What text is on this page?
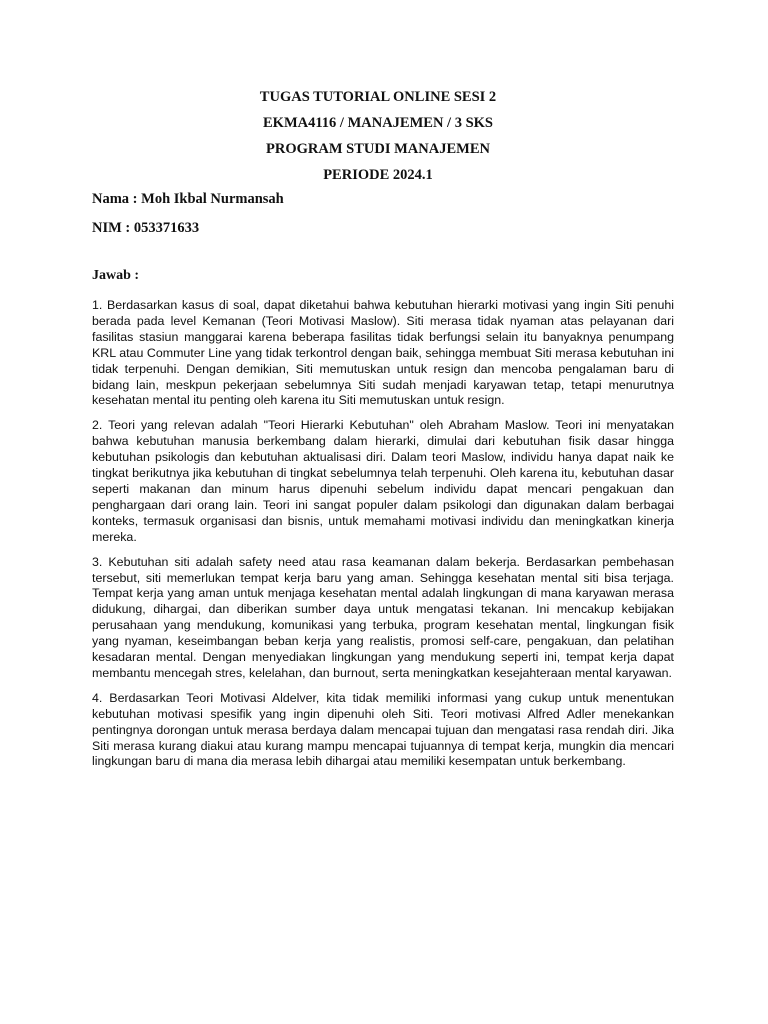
TUGAS TUTORIAL ONLINE SESI 2
EKMA4116 / MANAJEMEN / 3 SKS
PROGRAM STUDI MANAJEMEN
PERIODE 2024.1
Nama : Moh Ikbal Nurmansah
NIM : 053371633
Jawab :

1. Berdasarkan kasus di soal, dapat diketahui bahwa kebutuhan hierarki motivasi yang ingin Siti penuhi berada pada level Kemanan (Teori Motivasi Maslow). Siti merasa tidak nyaman atas pelayanan dari fasilitas stasiun manggarai karena beberapa fasilitas tidak berfungsi selain itu banyaknya penumpang KRL atau Commuter Line yang tidak terkontrol dengan baik, sehingga membuat Siti merasa kebutuhan ini tidak terpenuhi. Dengan demikian, Siti memutuskan untuk resign dan mencoba pengalaman baru di bidang lain, meskpun pekerjaan sebelumnya Siti sudah menjadi karyawan tetap, tetapi menurutnya kesehatan mental itu penting oleh karena itu Siti memutuskan untuk resign.

2. Teori yang relevan adalah "Teori Hierarki Kebutuhan" oleh Abraham Maslow. Teori ini menyatakan bahwa kebutuhan manusia berkembang dalam hierarki, dimulai dari kebutuhan fisik dasar hingga kebutuhan psikologis dan kebutuhan aktualisasi diri. Dalam teori Maslow, individu hanya dapat naik ke tingkat berikutnya jika kebutuhan di tingkat sebelumnya telah terpenuhi. Oleh karena itu, kebutuhan dasar seperti makanan dan minum harus dipenuhi sebelum individu dapat mencari pengakuan dan penghargaan dari orang lain. Teori ini sangat populer dalam psikologi dan digunakan dalam berbagai konteks, termasuk organisasi dan bisnis, untuk memahami motivasi individu dan meningkatkan kinerja mereka.

3. Kebutuhan siti adalah safety need atau rasa keamanan dalam bekerja. Berdasarkan pembehasan tersebut, siti memerlukan tempat kerja baru yang aman. Sehingga kesehatan mental siti bisa terjaga. Tempat kerja yang aman untuk menjaga kesehatan mental adalah lingkungan di mana karyawan merasa didukung, dihargai, dan diberikan sumber daya untuk mengatasi tekanan. Ini mencakup kebijakan perusahaan yang mendukung, komunikasi yang terbuka, program kesehatan mental, lingkungan fisik yang nyaman, keseimbangan beban kerja yang realistis, promosi self-care, pengakuan, dan pelatihan kesadaran mental. Dengan menyediakan lingkungan yang mendukung seperti ini, tempat kerja dapat membantu mencegah stres, kelelahan, dan burnout, serta meningkatkan kesejahteraan mental karyawan.

4. Berdasarkan Teori Motivasi Aldelver, kita tidak memiliki informasi yang cukup untuk menentukan kebutuhan motivasi spesifik yang ingin dipenuhi oleh Siti. Teori motivasi Alfred Adler menekankan pentingnya dorongan untuk merasa berdaya dalam mencapai tujuan dan mengatasi rasa rendah diri. Jika Siti merasa kurang diakui atau kurang mampu mencapai tujuannya di tempat kerja, mungkin dia mencari lingkungan baru di mana dia merasa lebih dihargai atau memiliki kesempatan untuk berkembang.
